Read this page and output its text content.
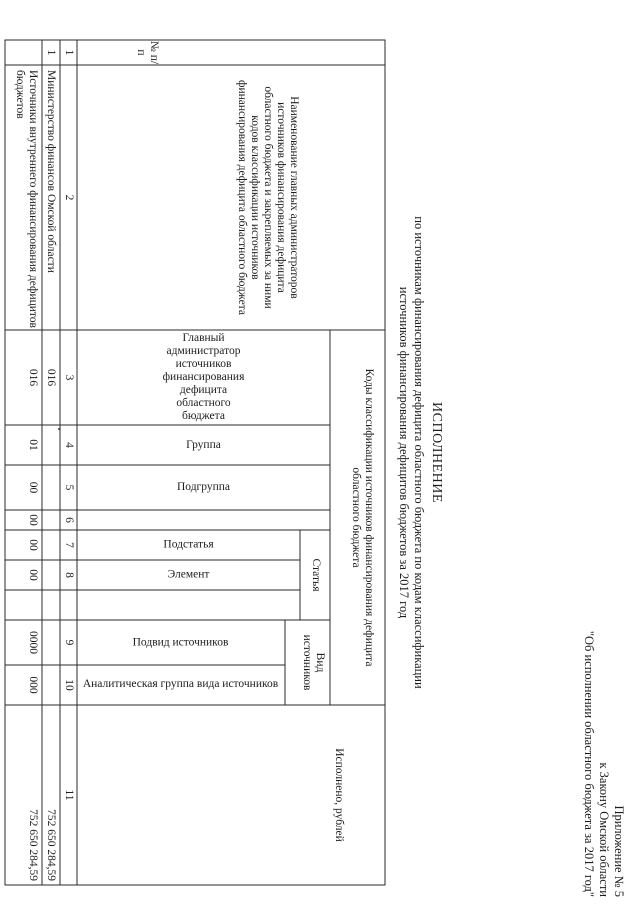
Приложение № 5
к Закону Омской области
"Об исполнении областного бюджета за 2017 год"
ИСПОЛНЕНИЕ
по источникам финансирования дефицита областного бюджета по кодам классификации
источников финансирования дефицитов бюджетов за 2017 год
№ п/п
Наименование главных администраторов источников финансирования дефицита областного бюджета и закрепляемых за ними кодов классификации источников финансирования дефицита областного бюджета
Коды классификации источников финансирования дефицита областного бюджета
Главный администратор источников финансирования дефицита областного бюджета
Группа
Подгруппа
Статья
Подстатья
Элемент
Вид источников
Подвид источников
Аналитическая группа вида источников
Исполнено, рублей
1
2
3
4
5
6
7
8
9
10
11
1
Министерство финансов Омской области
016
752 650 284,59
Источники внутреннего финансирования дефицитов бюджетов
016
01
00
00
00
00
0000
000
752 650 284,59
